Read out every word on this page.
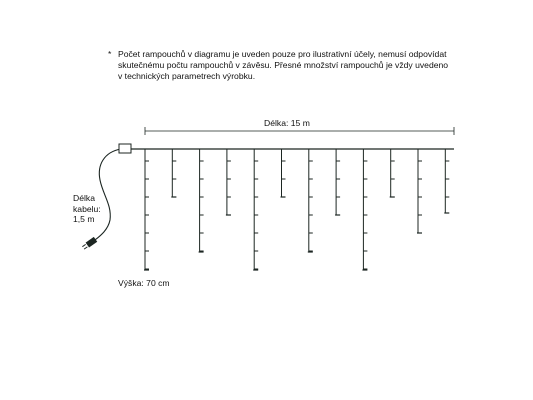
* Počet rampouchů v diagramu je uveden pouze pro ilustrativní účely, nemusí odpovídat
skutečnému počtu rampouchů v závěsu. Přesné množství rampouchů je vždy uvedeno
v technických parametrech výrobku.
Délka: 15 m
Délka
kabelu:
1,5 m
Výška: 70 cm
